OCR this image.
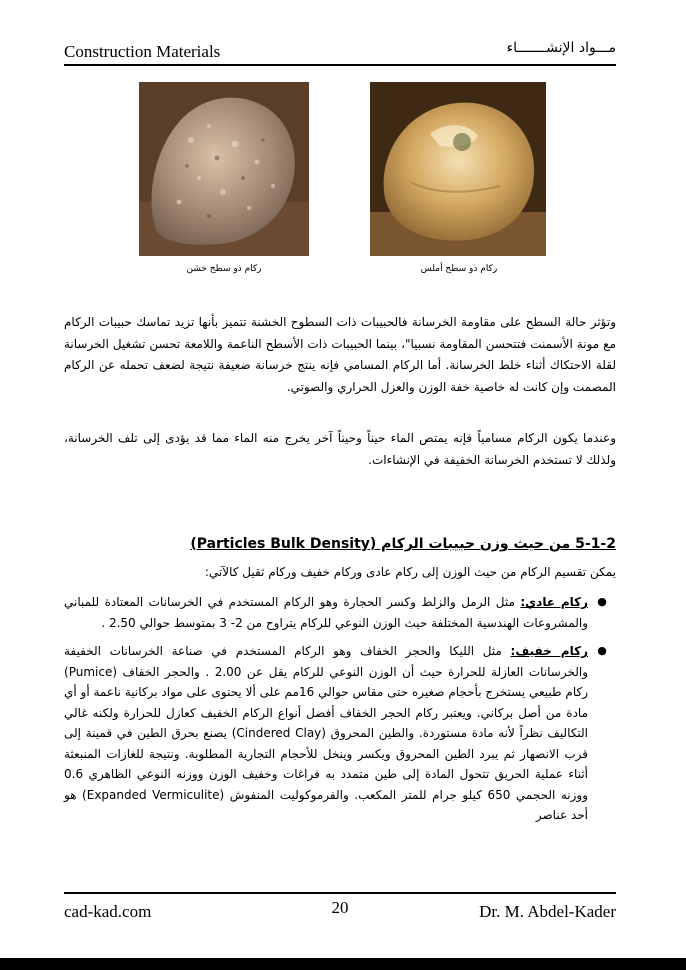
Construction Materials	مـــواد الإنشـــــــاء
ركام ذو سطح خشن	ركام ذو سطح أملس

وتؤثر حالة السطح على مقاومة الخرسانة فالحبيبات ذات السطوح الخشنة تتميز بأنها تزيد تماسك حبيبات الركام مع مونة الأسمنت فتتحسن المقاومة نسبيا"، بينما الحبيبات ذات الأسطح الناعمة واللامعة تحسن تشغيل الخرسانة لقلة الاحتكاك أثناء خلط الخرسانة. أما الركام المسامي فإنه ينتج خرسانة ضعيفة نتيجة لضعف تحمله عن الركام المصمت وإن كانت له خاصية خفة الوزن والعزل الحراري والصوتي.

وعندما يكون الركام مسامياً فإنه يمتص الماء حيناً وحيناً آخر يخرج منه الماء مما قد يؤدى إلى تلف الخرسانة، ولذلك لا تستخدم الخرسانة الخفيفة في الإنشاءات.

5-1-2 من حيث وزن حبيبات الركام (Particles Bulk Density)

يمكن تقسيم الركام من حيث الوزن إلى ركام عادى وركام خفيف وركام ثقيل كالآتي:

●
ركام عادي: مثل الرمل والزلط وكسر الحجارة وهو الركام المستخدم في الخرسانات المعتادة للمباني والمشروعات الهندسية المختلفة حيث الوزن النوعي للركام يتراوح من 2- 3 بمتوسط حوالي 2.50 .
●
ركام خفيف: مثل الليكا والحجر الخفاف وهو الركام المستخدم في صناعة الخرسانات الخفيفة والخرسانات العازلة للحرارة حيث أن الوزن النوعي للركام يقل عن 2.00 . والحجر الخفاف (Pumice) ركام طبيعي يستخرج بأحجام صغيره حتى مقاس حوالي 16مم على ألا يحتوى على مواد بركانية ناعمة أو أي مادة من أصل بركاني. ويعتبر ركام الحجر الخفاف أفضل أنواع الركام الخفيف كعازل للحرارة ولكنه غالي التكاليف نظراً لأنه مادة مستوردة. والطين المحروق (Cindered Clay) يصنع بحرق الطين في قمينة إلى قرب الانصهار ثم يبرد الطين المحروق ويكسر وينخل للأحجام التجارية المطلوبة. ونتيجة للغازات المنبعثة أثناء عملية الحريق تتحول المادة إلى طين متمدد به فراغات وخفيف الوزن ووزنه النوعي الظاهري 0.6 ووزنه الحجمي 650 كيلو جرام للمتر المكعب. والفرموكوليت المنفوش (Expanded Vermiculite) هو أحد عناصر
cad-kad.com	20	Dr. M. Abdel-Kader
